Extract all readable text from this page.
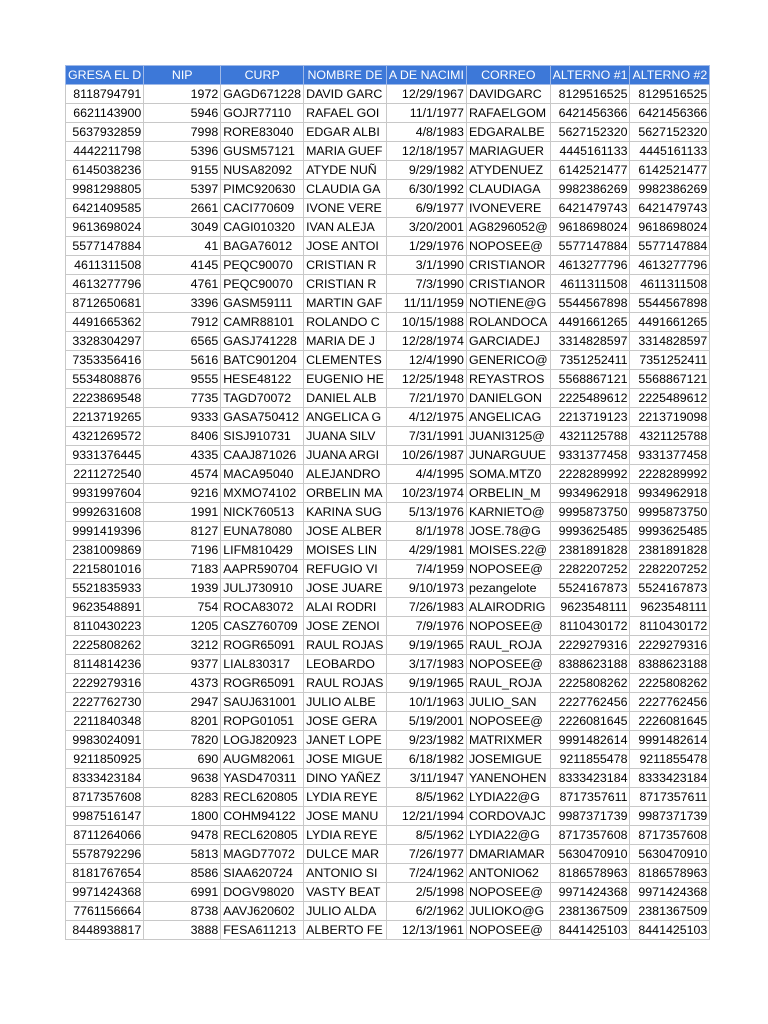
GRESA EL D	NIP	CURP	NOMBRE DE	A DE NACIMI	CORREO	ALTERNO #1	ALTERNO #2
8118794791	1972	GAGD671228	DAVID GARC	12/29/1967	DAVIDGARC	8129516525	8129516525
6621143900	5946	GOJR77110	RAFAEL GOI	11/1/1977	RAFAELGOM	6421456366	6421456366
5637932859	7998	RORE83040	EDGAR ALBI	4/8/1983	EDGARALBE	5627152320	5627152320
4442211798	5396	GUSM57121	MARIA GUEF	12/18/1957	MARIAGUER	4445161133	4445161133
6145038236	9155	NUSA82092	ATYDE NUÑ	9/29/1982	ATYDENUEZ	6142521477	6142521477
9981298805	5397	PIMC920630	CLAUDIA GA	6/30/1992	CLAUDIAGA	9982386269	9982386269
6421409585	2661	CACI770609	IVONE VERE	6/9/1977	IVONEVERE	6421479743	6421479743
9613698024	3049	CAGI010320	IVAN ALEJA	3/20/2001	AG8296052@	9618698024	9618698024
5577147884	41	BAGA76012	JOSE ANTOI	1/29/1976	NOPOSEE@	5577147884	5577147884
4611311508	4145	PEQC90070	CRISTIAN R	3/1/1990	CRISTIANOR	4613277796	4613277796
4613277796	4761	PEQC90070	CRISTIAN R	7/3/1990	CRISTIANOR	4611311508	4611311508
8712650681	3396	GASM59111	MARTIN GAF	11/11/1959	NOTIENE@G	5544567898	5544567898
4491665362	7912	CAMR88101	ROLANDO C	10/15/1988	ROLANDOCA	4491661265	4491661265
3328304297	6565	GASJ741228	MARIA DE J	12/28/1974	GARCIADEJ	3314828597	3314828597
7353356416	5616	BATC901204	CLEMENTES	12/4/1990	GENERICO@	7351252411	7351252411
5534808876	9555	HESE48122	EUGENIO HE	12/25/1948	REYASTROS	5568867121	5568867121
2223869548	7735	TAGD70072	DANIEL ALB	7/21/1970	DANIELGON	2225489612	2225489612
2213719265	9333	GASA750412	ANGELICA G	4/12/1975	ANGELICAG	2213719123	2213719098
4321269572	8406	SISJ910731	JUANA SILV	7/31/1991	JUANI3125@	4321125788	4321125788
9331376445	4335	CAAJ871026	JUANA ARGI	10/26/1987	JUNARGUUE	9331377458	9331377458
2211272540	4574	MACA95040	ALEJANDRO	4/4/1995	SOMA.MTZ0	2228289992	2228289992
9931997604	9216	MXMO74102	ORBELIN MA	10/23/1974	ORBELIN_M	9934962918	9934962918
9992631608	1991	NICK760513	KARINA SUG	5/13/1976	KARNIETO@	9995873750	9995873750
9991419396	8127	EUNA78080	JOSE ALBER	8/1/1978	JOSE.78@G	9993625485	9993625485
2381009869	7196	LIFM810429	MOISES LIN	4/29/1981	MOISES.22@	2381891828	2381891828
2215801016	7183	AAPR590704	REFUGIO VI	7/4/1959	NOPOSEE@	2282207252	2282207252
5521835933	1939	JULJ730910	JOSE JUARE	9/10/1973	pezangelote	5524167873	5524167873
9623548891	754	ROCA83072	ALAI RODRI	7/26/1983	ALAIRODRIG	9623548111	9623548111
8110430223	1205	CASZ760709	JOSE ZENOI	7/9/1976	NOPOSEE@	8110430172	8110430172
2225808262	3212	ROGR65091	RAUL ROJAS	9/19/1965	RAUL_ROJA	2229279316	2229279316
8114814236	9377	LIAL830317	LEOBARDO	3/17/1983	NOPOSEE@	8388623188	8388623188
2229279316	4373	ROGR65091	RAUL ROJAS	9/19/1965	RAUL_ROJA	2225808262	2225808262
2227762730	2947	SAUJ631001	JULIO ALBE	10/1/1963	JULIO_SAN	2227762456	2227762456
2211840348	8201	ROPG01051	JOSE GERA	5/19/2001	NOPOSEE@	2226081645	2226081645
9983024091	7820	LOGJ820923	JANET LOPE	9/23/1982	MATRIXMER	9991482614	9991482614
9211850925	690	AUGM82061	JOSE MIGUE	6/18/1982	JOSEMIGUE	9211855478	9211855478
8333423184	9638	YASD470311	DINO YAÑEZ	3/11/1947	YANENOHEN	8333423184	8333423184
8717357608	8283	RECL620805	LYDIA REYE	8/5/1962	LYDIA22@G	8717357611	8717357611
9987516147	1800	COHM94122	JOSE MANU	12/21/1994	CORDOVAJC	9987371739	9987371739
8711264066	9478	RECL620805	LYDIA REYE	8/5/1962	LYDIA22@G	8717357608	8717357608
5578792296	5813	MAGD77072	DULCE MAR	7/26/1977	DMARIAMAR	5630470910	5630470910
8181767654	8586	SIAA620724	ANTONIO SI	7/24/1962	ANTONIO62	8186578963	8186578963
9971424368	6991	DOGV98020	VASTY BEAT	2/5/1998	NOPOSEE@	9971424368	9971424368
7761156664	8738	AAVJ620602	JULIO ALDA	6/2/1962	JULIOKO@G	2381367509	2381367509
8448938817	3888	FESA611213	ALBERTO FE	12/13/1961	NOPOSEE@	8441425103	8441425103
